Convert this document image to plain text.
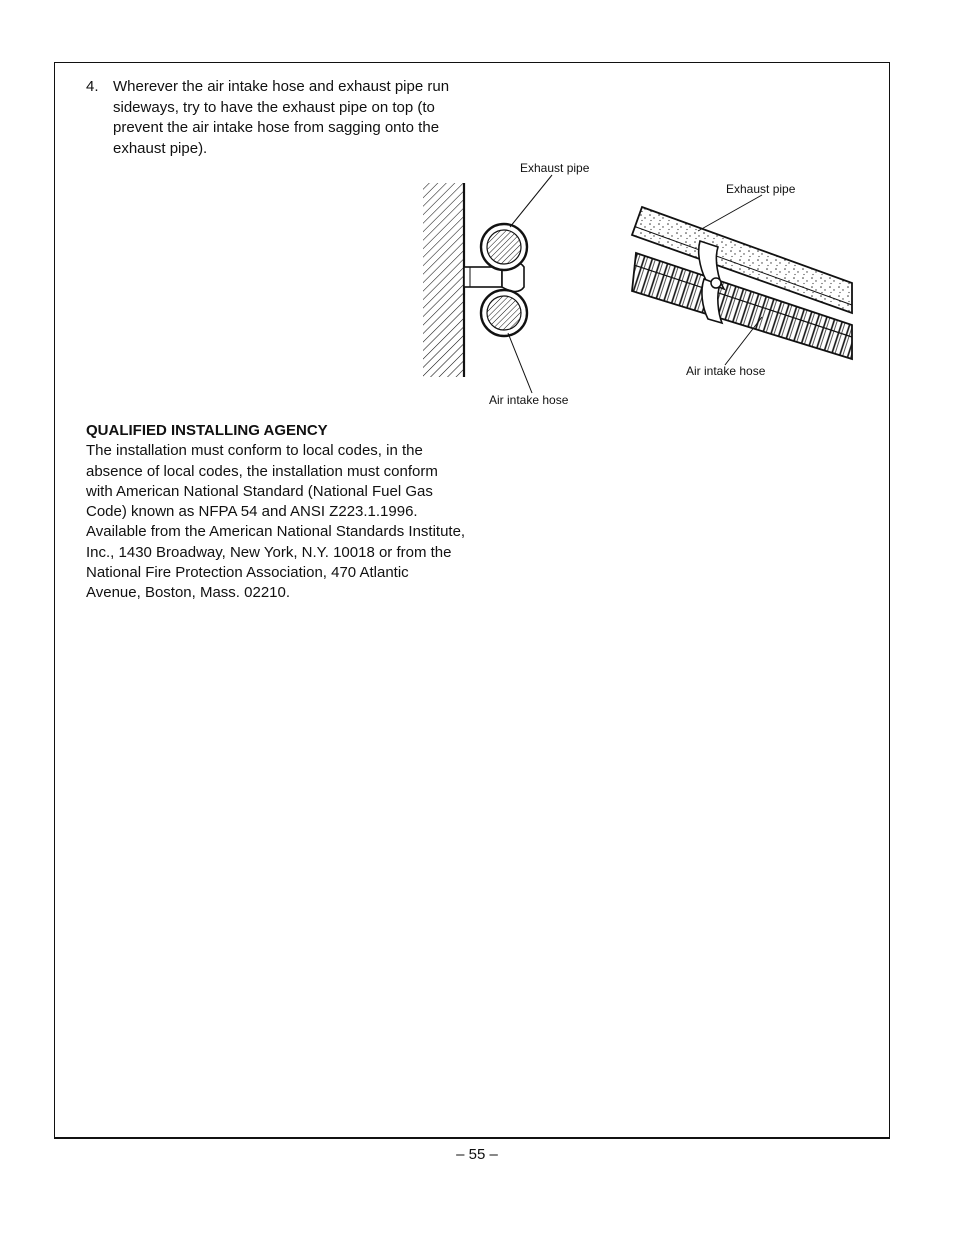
4. Wherever the air intake hose and exhaust pipe run sideways, try to have the exhaust pipe on top (to prevent the air intake hose from sagging onto the exhaust pipe).
Exhaust pipe
Air intake hose
Exhaust pipe
Air intake hose
QUALIFIED INSTALLING AGENCY

The installation must conform to local codes, in the absence of local codes, the installation must conform with American National Standard (National Fuel Gas Code) known as NFPA 54 and ANSI Z223.1.1996.

Available from the American National Standards Institute, Inc., 1430 Broadway, New York, N.Y. 10018 or from the National Fire Protection Association, 470 Atlantic Avenue, Boston, Mass. 02210.

– 55 –
